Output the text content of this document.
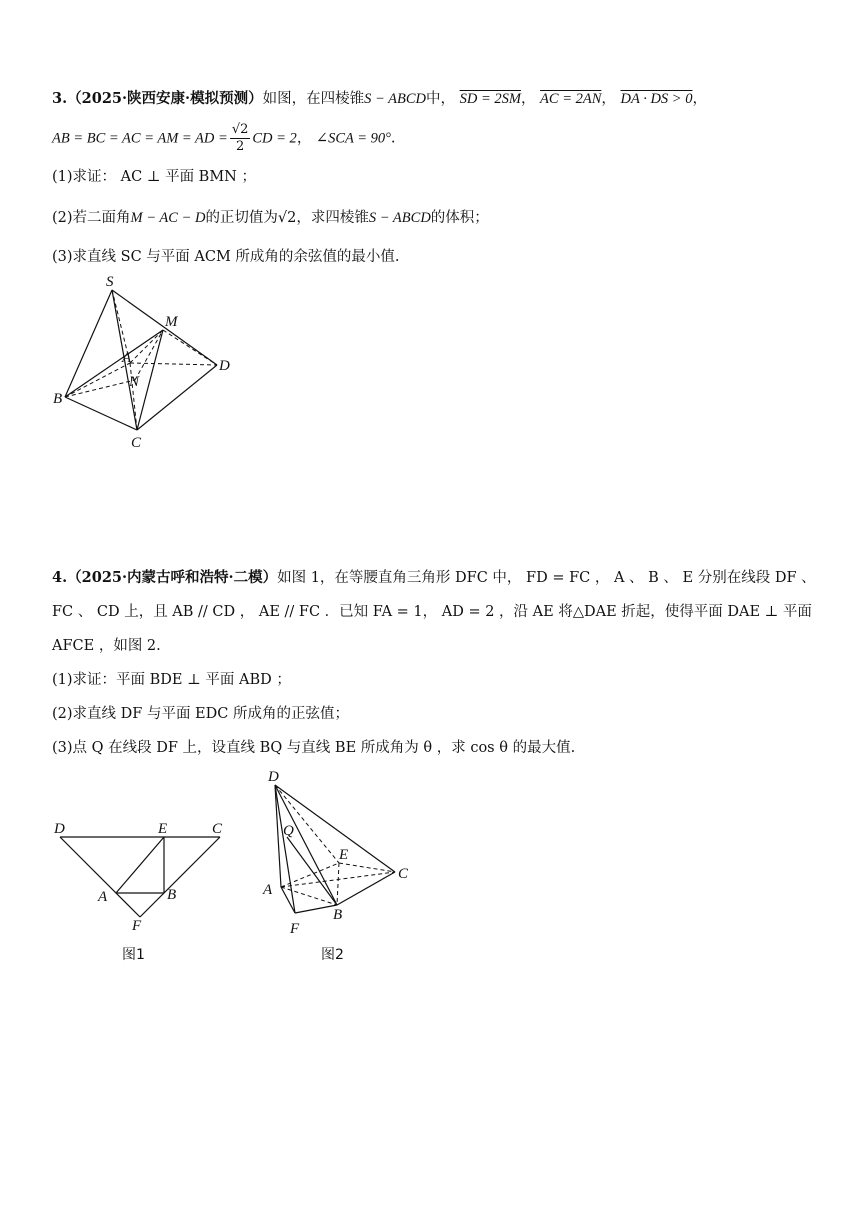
3.（2025·陕西安康·模拟预测）如图，在四棱锥S − ABCD中， SD = 2SM， AC = 2AN， DA · DS > 0，
AB = BC = AC = AM = AD = $\frac{√2}{2}$ CD = 2， ∠SCA = 90°.
(1)求证： AC ⊥ 平面 BMN ；
(2)若二面角M − AC − D的正切值为√2，求四棱锥S − ABCD的体积；
(3)求直线 SC 与平面 ACM 所成角的余弦值的最小值.
S
M
A	D
N
B
C
4.（2025·内蒙古呼和浩特·二模）如图 1，在等腰直角三角形 DFC 中， FD = FC ， A 、 B 、 E 分别在线段 DF 、
FC 、 CD 上，且 AB // CD ， AE // FC ．已知 FA = 1， AD = 2 ，沿 AE 将△DAE 折起，使得平面 DAE ⊥ 平面
AFCE ，如图 2.
(1)求证：平面 BDE ⊥ 平面 ABD ；
(2)求直线 DF 与平面 EDC 所成角的正弦值；
(3)点 Q 在线段 DF 上，设直线 BQ 与直线 BE 所成角为 θ ，求 cos θ 的最大值.
D	E	C
A	B
F
图1
D
Q
E
C
A
B
F
图2
